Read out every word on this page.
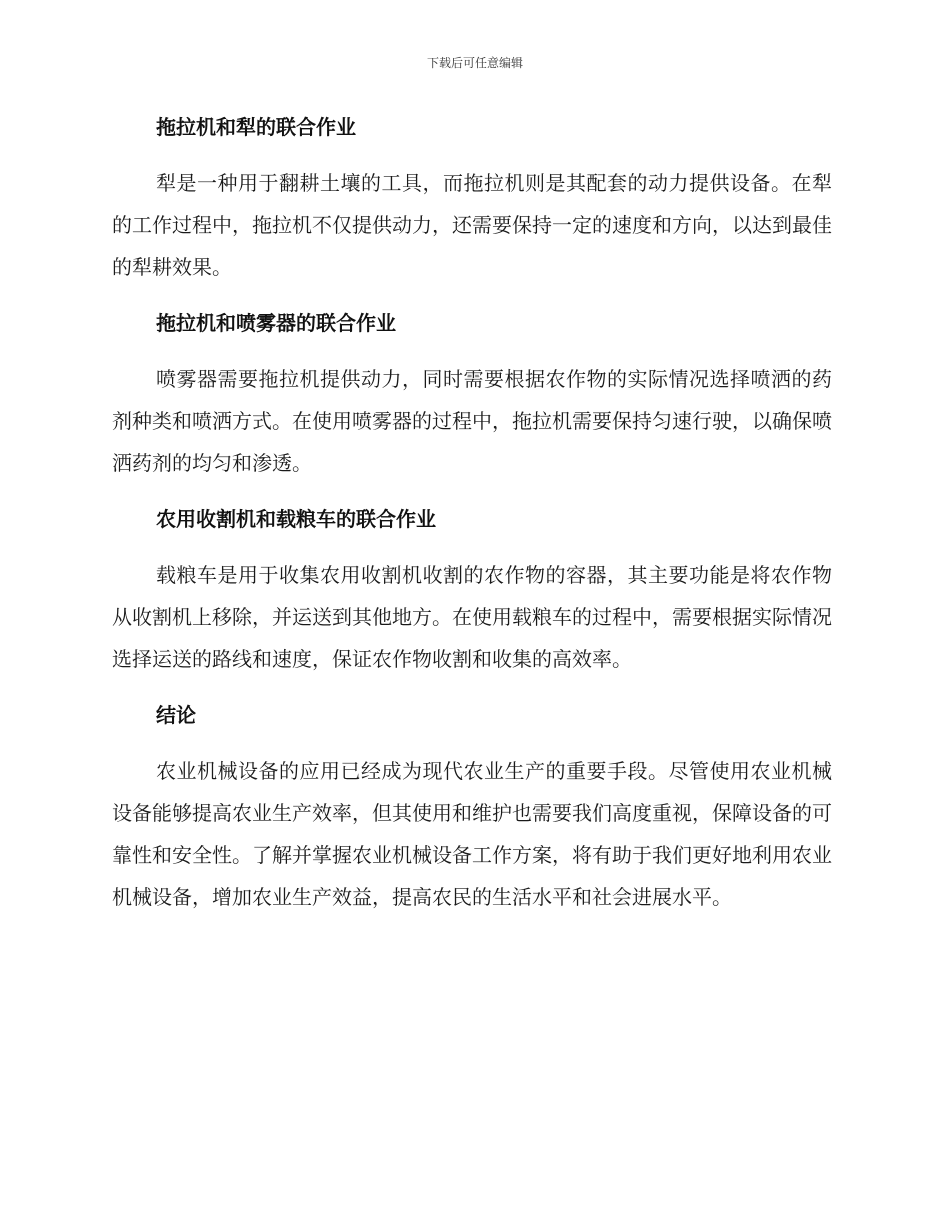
下载后可任意编辑
拖拉机和犁的联合作业

犁是一种用于翻耕土壤的工具，而拖拉机则是其配套的动力提供设备。在犁的工作过程中，拖拉机不仅提供动力，还需要保持一定的速度和方向，以达到最佳的犁耕效果。

拖拉机和喷雾器的联合作业

喷雾器需要拖拉机提供动力，同时需要根据农作物的实际情况选择喷洒的药剂种类和喷洒方式。在使用喷雾器的过程中，拖拉机需要保持匀速行驶，以确保喷洒药剂的均匀和渗透。

农用收割机和载粮车的联合作业

载粮车是用于收集农用收割机收割的农作物的容器，其主要功能是将农作物从收割机上移除，并运送到其他地方。在使用载粮车的过程中，需要根据实际情况选择运送的路线和速度，保证农作物收割和收集的高效率。

结论

农业机械设备的应用已经成为现代农业生产的重要手段。尽管使用农业机械设备能够提高农业生产效率，但其使用和维护也需要我们高度重视，保障设备的可靠性和安全性。了解并掌握农业机械设备工作方案，将有助于我们更好地利用农业机械设备，增加农业生产效益，提高农民的生活水平和社会进展水平。
